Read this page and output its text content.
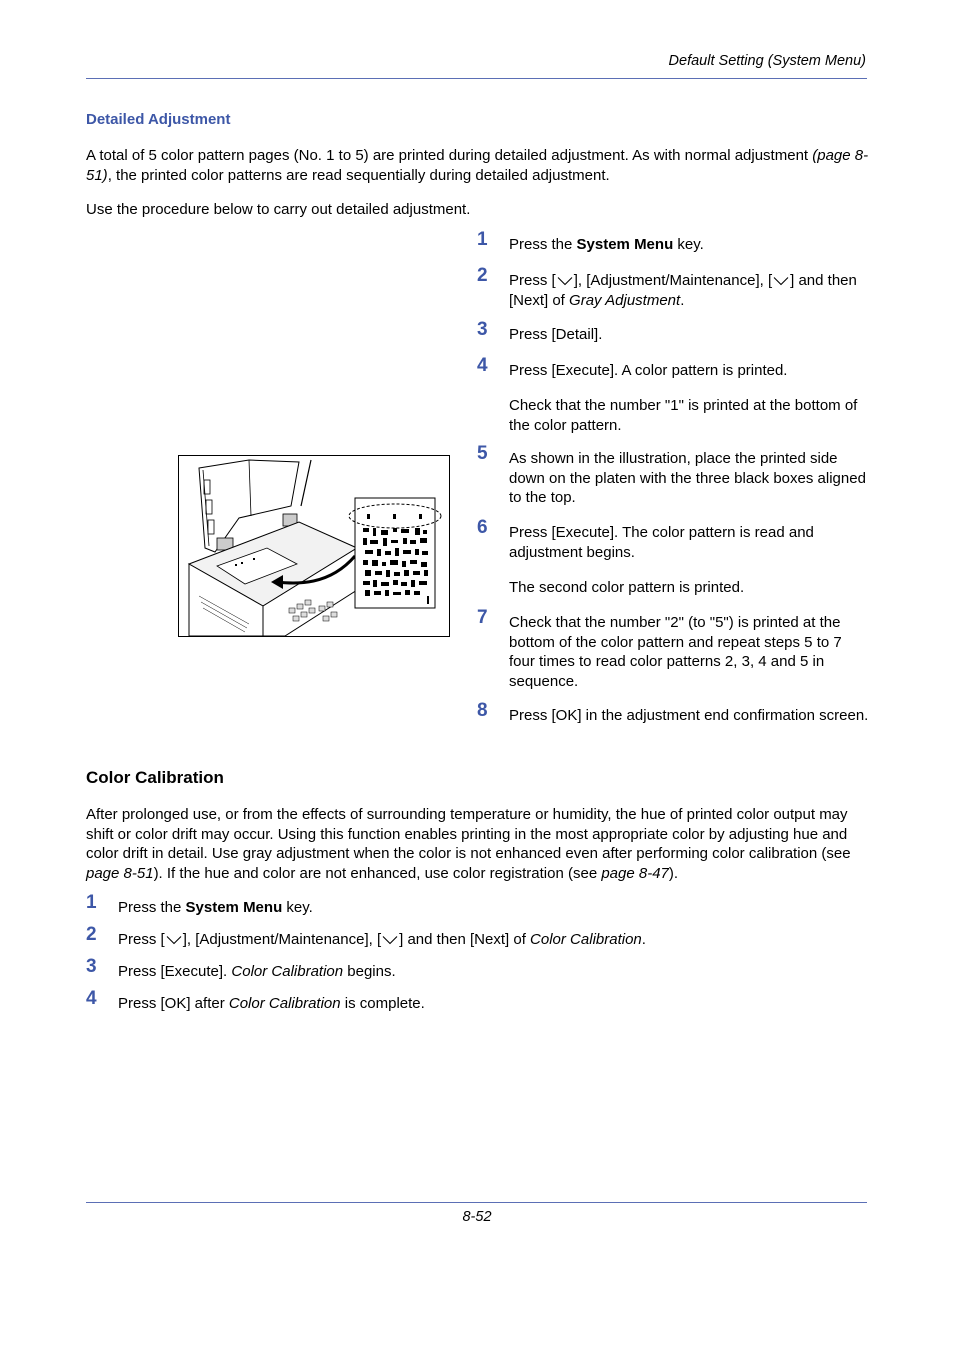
Default Setting (System Menu)
Detailed Adjustment
A total of 5 color pattern pages (No. 1 to 5) are printed during detailed adjustment. As with normal adjustment (page 8-51), the printed color patterns are read sequentially during detailed adjustment.
Use the procedure below to carry out detailed adjustment.
1 Press the System Menu key.
2 Press [ ], [Adjustment/Maintenance], [ ] and then [Next] of Gray Adjustment.
3 Press [Detail].
4 Press [Execute]. A color pattern is printed.
Check that the number "1" is printed at the bottom of the color pattern.
5 As shown in the illustration, place the printed side down on the platen with the three black boxes aligned to the top.
6 Press [Execute]. The color pattern is read and adjustment begins.
The second color pattern is printed.
7 Check that the number "2" (to "5") is printed at the bottom of the color pattern and repeat steps 5 to 7 four times to read color patterns 2, 3, 4 and 5 in sequence.
8 Press [OK] in the adjustment end confirmation screen.
Color Calibration
After prolonged use, or from the effects of surrounding temperature or humidity, the hue of printed color output may shift or color drift may occur. Using this function enables printing in the most appropriate color by adjusting hue and color drift in detail. Use gray adjustment when the color is not enhanced even after performing color calibration (see page 8-51). If the hue and color are not enhanced, use color registration (see page 8-47).
1 Press the System Menu key.
2 Press [ ], [Adjustment/Maintenance], [ ] and then [Next] of Color Calibration.
3 Press [Execute]. Color Calibration begins.
4 Press [OK] after Color Calibration is complete.
8-52
